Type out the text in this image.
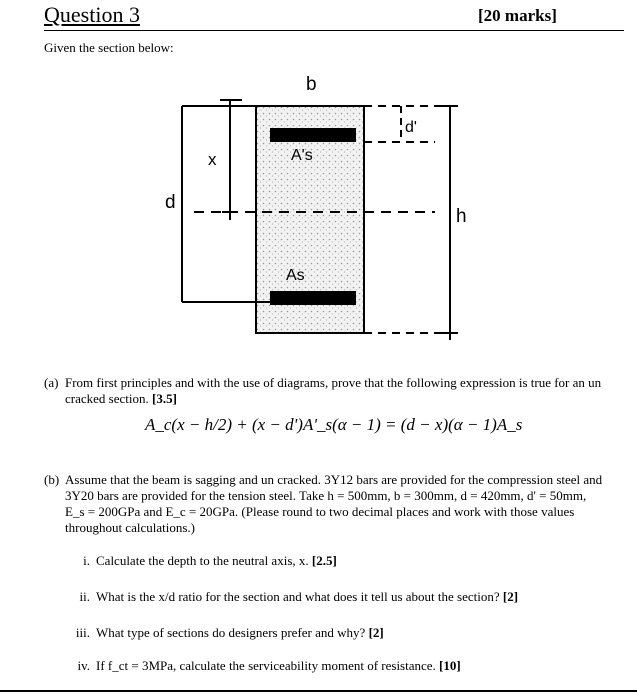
Question 3	[20 marks]
Given the section below:
b
x
d
h
d'
A's
As
(a) From first principles and with the use of diagrams, prove that the following expression is true for an un cracked section. [3.5]
A_c(x − h/2) + (x − d')A'_s(α − 1) = (d − x)(α − 1)A_s
(b) Assume that the beam is sagging and un cracked. 3Y12 bars are provided for the compression steel and 3Y20 bars are provided for the tension steel. Take h = 500mm, b = 300mm, d = 420mm, d' = 50mm, E_s = 200GPa and E_c = 20GPa. (Please round to two decimal places and work with those values throughout calculations.)
i. Calculate the depth to the neutral axis, x. [2.5]
ii. What is the x/d ratio for the section and what does it tell us about the section? [2]
iii. What type of sections do designers prefer and why? [2]
iv. If f_ct = 3MPa, calculate the serviceability moment of resistance. [10]
